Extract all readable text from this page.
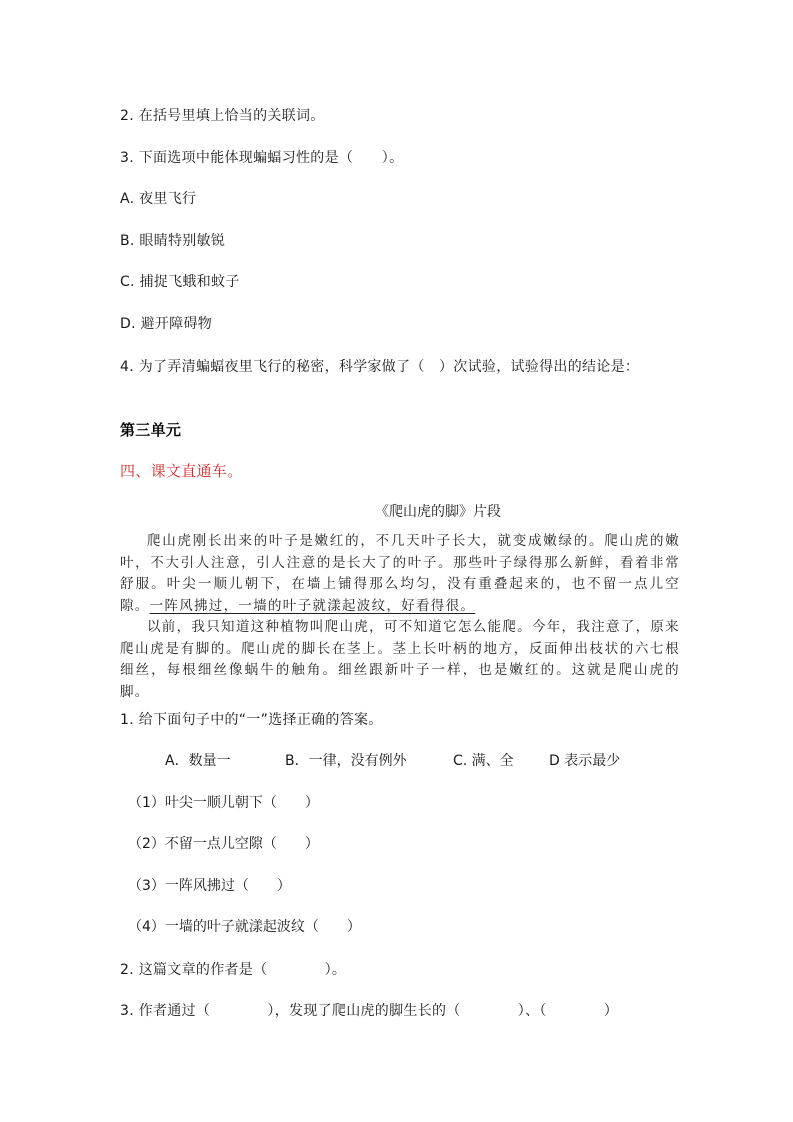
2. 在括号里填上恰当的关联词。
3. 下面选项中能体现蝙蝠习性的是（　　）。
A. 夜里飞行
B. 眼睛特别敏锐
C. 捕捉飞蛾和蚊子
D. 避开障碍物
4. 为了弄清蝙蝠夜里飞行的秘密，科学家做了（　）次试验，试验得出的结论是：
第三单元
四、课文直通车。
《爬山虎的脚》片段

爬山虎刚长出来的叶子是嫩红的，不几天叶子长大，就变成嫩绿的。爬山虎的嫩叶，不大引人注意，引人注意的是长大了的叶子。那些叶子绿得那么新鲜，看着非常舒服。叶尖一顺儿朝下，在墙上铺得那么均匀，没有重叠起来的，也不留一点儿空隙。一阵风拂过，一墙的叶子就漾起波纹，好看得很。

以前，我只知道这种植物叫爬山虎，可不知道它怎么能爬。今年，我注意了，原来爬山虎是有脚的。爬山虎的脚长在茎上。茎上长叶柄的地方，反面伸出枝状的六七根细丝，每根细丝像蜗牛的触角。细丝跟新叶子一样，也是嫩红的。这就是爬山虎的脚。

1. 给下面句子中的“一”选择正确的答案。
A．数量一	B．一律，没有例外	C. 满、全	D 表示最少
（1）叶尖一顺儿朝下（　　）
（2）不留一点儿空隙（　　）
（3）一阵风拂过（　　）
（4）一墙的叶子就漾起波纹（　　）
2. 这篇文章的作者是（　　　　）。
3. 作者通过（　　　　），发现了爬山虎的脚生长的（　　　　）、（　　　　）
